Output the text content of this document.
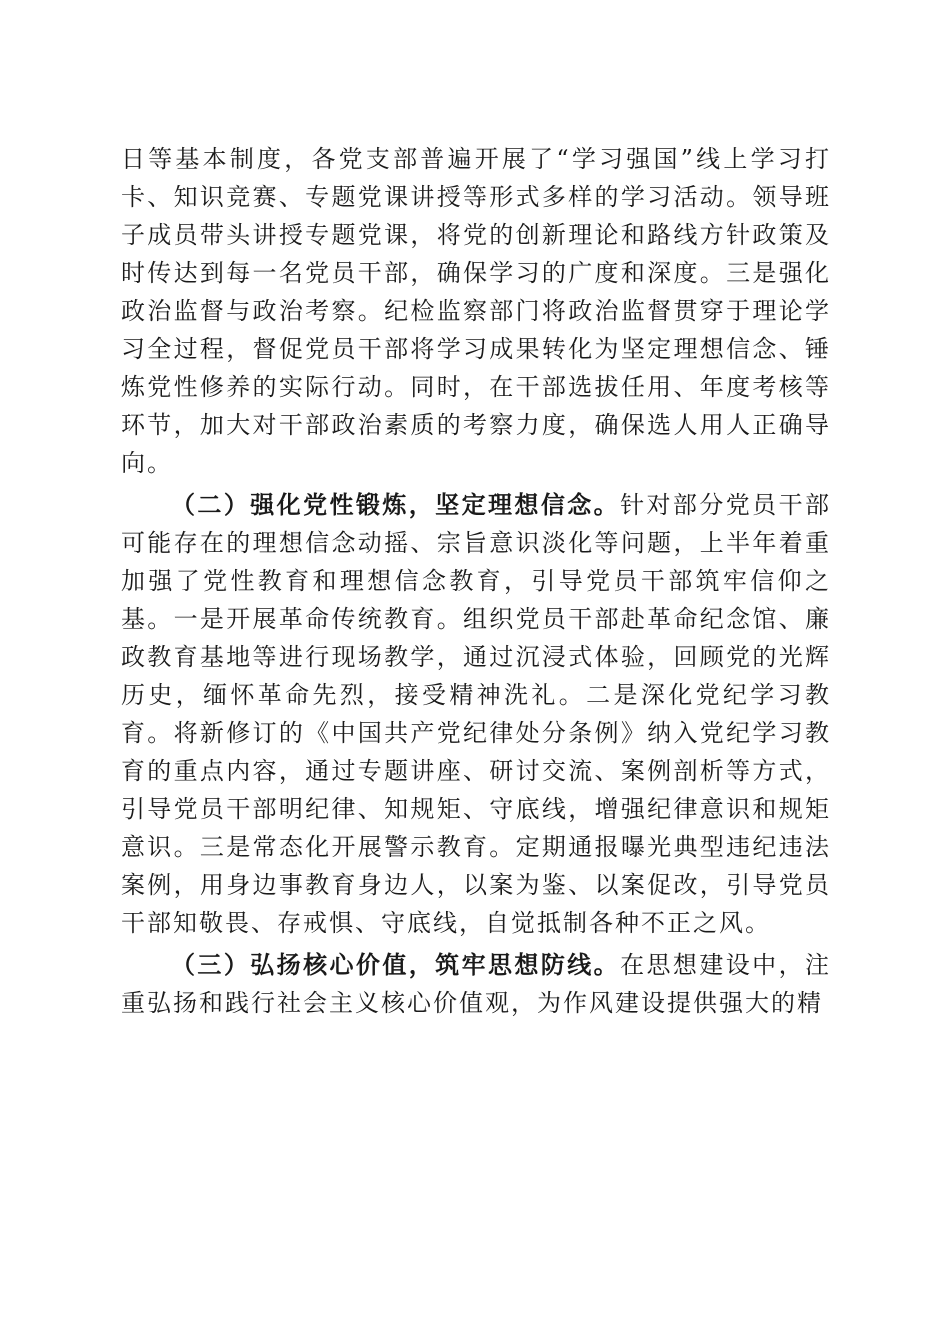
日等基本制度，各党支部普遍开展了“学习强国”线上学习打卡、知识竞赛、专题党课讲授等形式多样的学习活动。领导班子成员带头讲授专题党课，将党的创新理论和路线方针政策及时传达到每一名党员干部，确保学习的广度和深度。三是强化政治监督与政治考察。纪检监察部门将政治监督贯穿于理论学习全过程，督促党员干部将学习成果转化为坚定理想信念、锤炼党性修养的实际行动。同时，在干部选拔任用、年度考核等环节，加大对干部政治素质的考察力度，确保选人用人正确导向。

（二）强化党性锻炼，坚定理想信念。针对部分党员干部可能存在的理想信念动摇、宗旨意识淡化等问题，上半年着重加强了党性教育和理想信念教育，引导党员干部筑牢信仰之基。一是开展革命传统教育。组织党员干部赴革命纪念馆、廉政教育基地等进行现场教学，通过沉浸式体验，回顾党的光辉历史，缅怀革命先烈，接受精神洗礼。二是深化党纪学习教育。将新修订的《中国共产党纪律处分条例》纳入党纪学习教育的重点内容，通过专题讲座、研讨交流、案例剖析等方式，引导党员干部明纪律、知规矩、守底线，增强纪律意识和规矩意识。三是常态化开展警示教育。定期通报曝光典型违纪违法案例，用身边事教育身边人，以案为鉴、以案促改，引导党员干部知敬畏、存戒惧、守底线，自觉抵制各种不正之风。

（三）弘扬核心价值，筑牢思想防线。在思想建设中，注重弘扬和践行社会主义核心价值观，为作风建设提供强大的精
